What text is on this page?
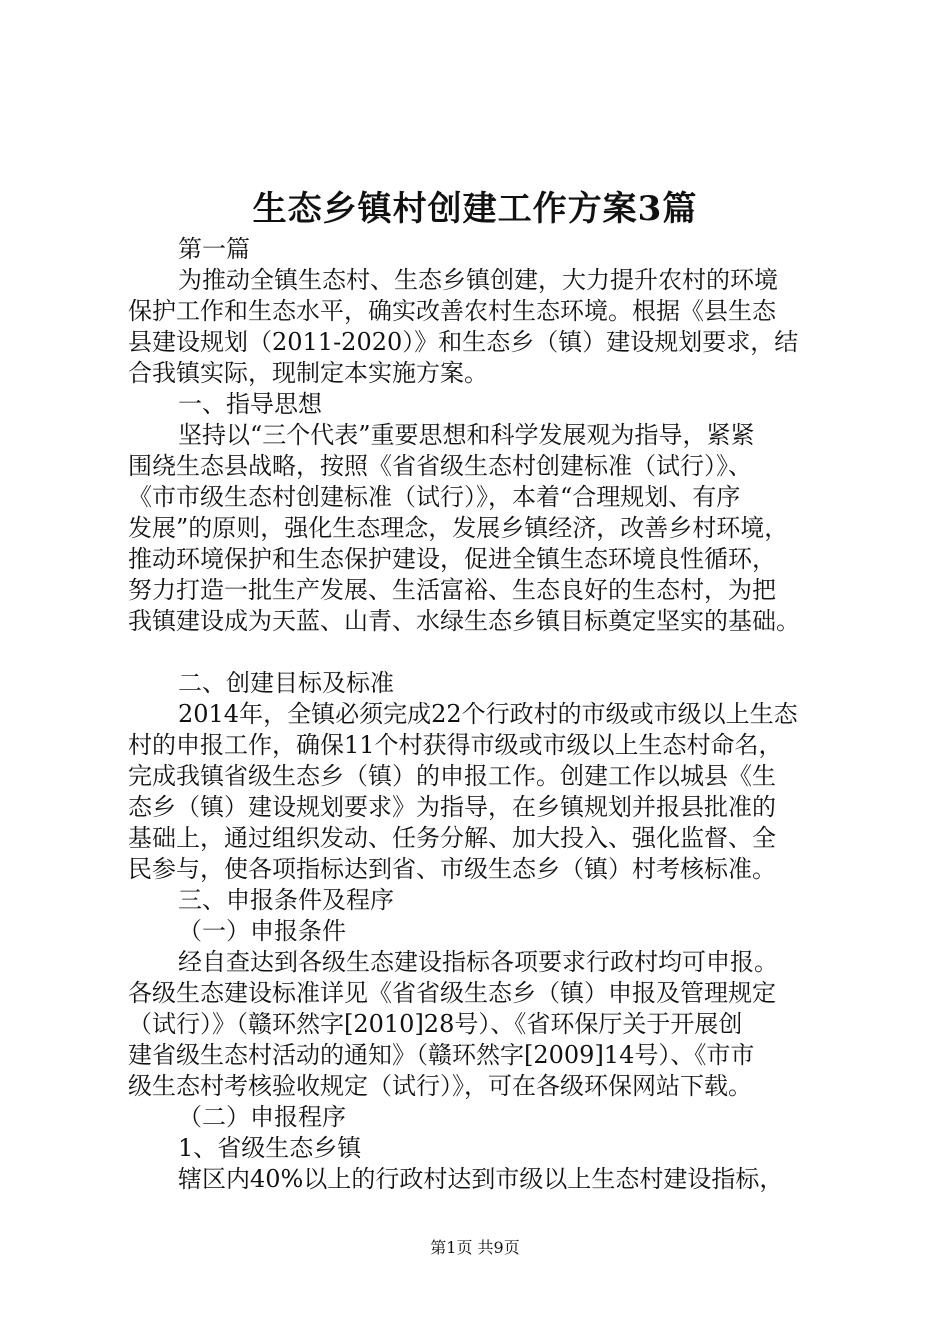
生态乡镇村创建工作方案3篇
第一篇
为推动全镇生态村、生态乡镇创建，大力提升农村的环境
保护工作和生态水平，确实改善农村生态环境。根据《县生态
县建设规划（2011-2020）》和生态乡（镇）建设规划要求，结
合我镇实际，现制定本实施方案。
一、指导思想
坚持以“三个代表”重要思想和科学发展观为指导，紧紧
围绕生态县战略，按照《省省级生态村创建标准（试行）》、
《市市级生态村创建标准（试行）》，本着“合理规划、有序
发展”的原则，强化生态理念，发展乡镇经济，改善乡村环境，
推动环境保护和生态保护建设，促进全镇生态环境良性循环，
努力打造一批生产发展、生活富裕、生态良好的生态村，为把
我镇建设成为天蓝、山青、水绿生态乡镇目标奠定坚实的基础。
二、创建目标及标准
2014年，全镇必须完成22个行政村的市级或市级以上生态
村的申报工作，确保11个村获得市级或市级以上生态村命名，
完成我镇省级生态乡（镇）的申报工作。创建工作以城县《生
态乡（镇）建设规划要求》为指导，在乡镇规划并报县批准的
基础上，通过组织发动、任务分解、加大投入、强化监督、全
民参与，使各项指标达到省、市级生态乡（镇）村考核标准。
三、申报条件及程序
（一）申报条件
经自查达到各级生态建设指标各项要求行政村均可申报。
各级生态建设标准详见《省省级生态乡（镇）申报及管理规定
（试行）》（赣环然字[2010]28号）、《省环保厅关于开展创
建省级生态村活动的通知》（赣环然字[2009]14号）、《市市
级生态村考核验收规定（试行）》，可在各级环保网站下载。
（二）申报程序
1、省级生态乡镇
辖区内40%以上的行政村达到市级以上生态村建设指标，
第1页 共9页
